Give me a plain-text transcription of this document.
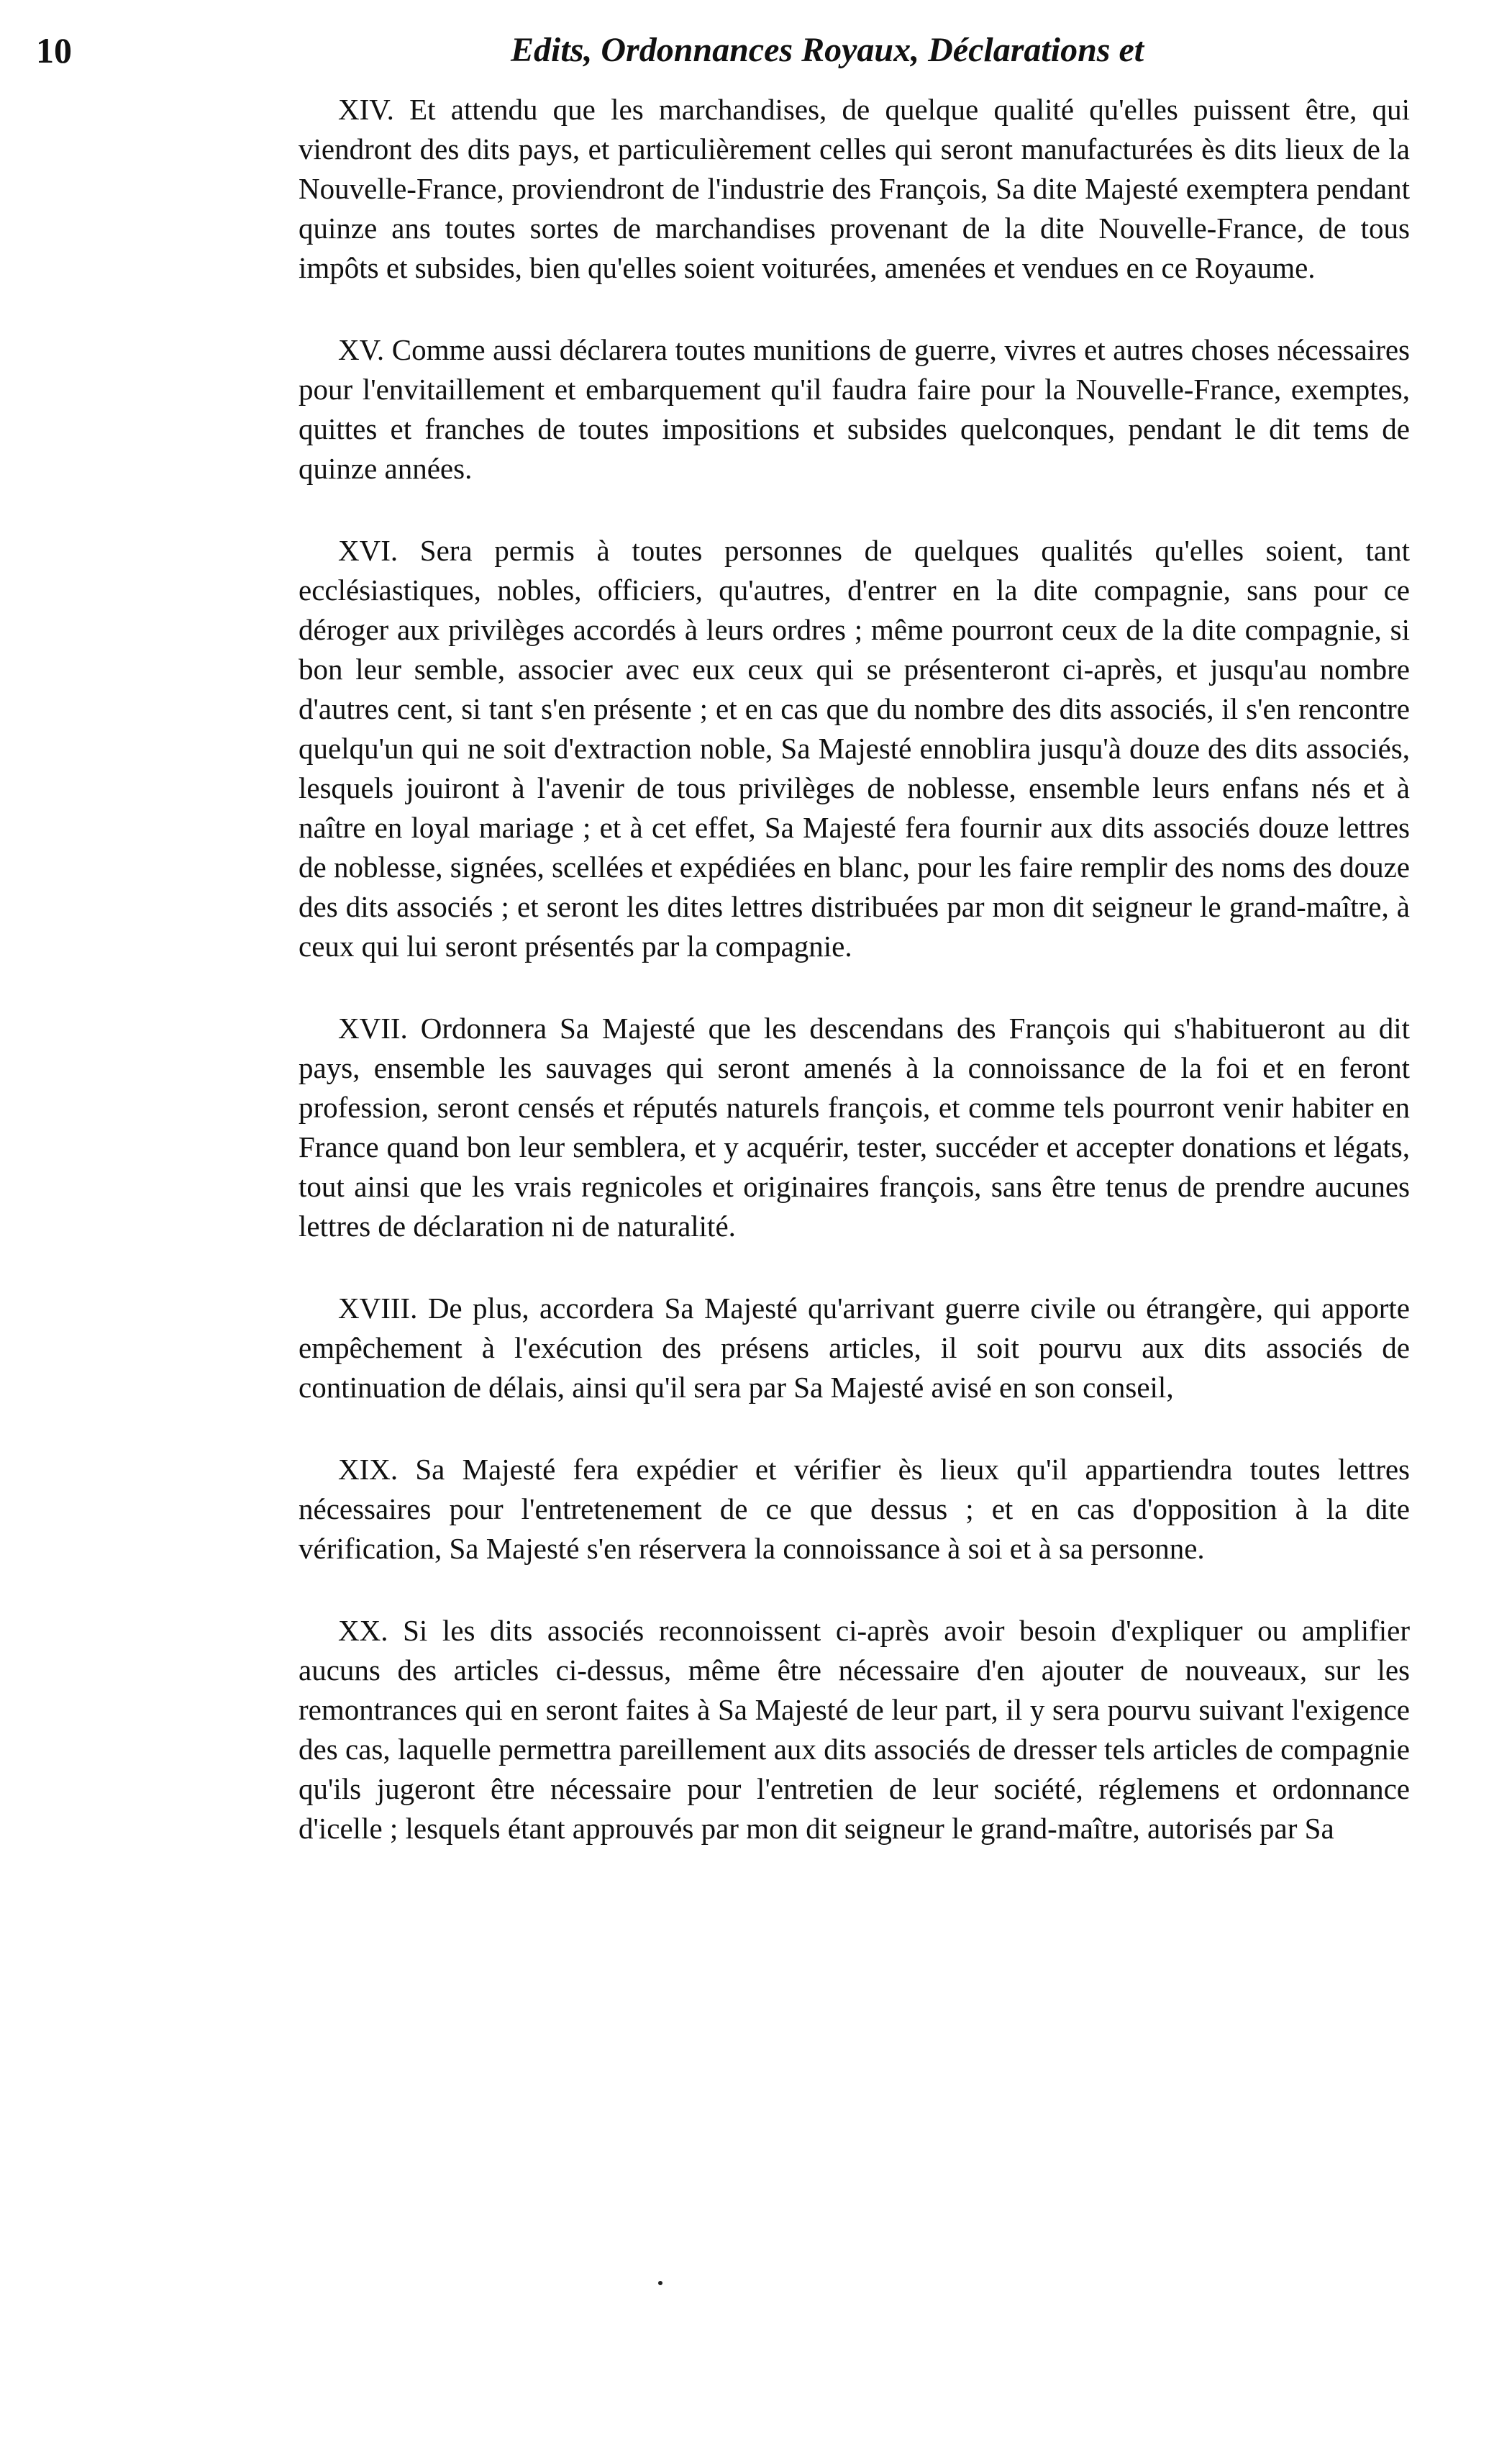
10	Edits, Ordonnances Royaux, Déclarations et

XIV. Et attendu que les marchandises, de quelque qualité qu'elles puissent être, qui viendront des dits pays, et particulièrement celles qui seront manufacturées ès dits lieux de la Nouvelle-France, proviendront de l'industrie des François, Sa dite Majesté exemptera pendant quinze ans toutes sortes de marchandises provenant de la dite Nouvelle-France, de tous impôts et subsides, bien qu'elles soient voiturées, amenées et vendues en ce Royaume.

XV. Comme aussi déclarera toutes munitions de guerre, vivres et autres choses nécessaires pour l'envitaillement et embarquement qu'il faudra faire pour la Nouvelle-France, exemptes, quittes et franches de toutes impositions et subsides quelconques, pendant le dit tems de quinze années.

XVI. Sera permis à toutes personnes de quelques qualités qu'elles soient, tant ecclésiastiques, nobles, officiers, qu'autres, d'entrer en la dite compagnie, sans pour ce déroger aux privilèges accordés à leurs ordres ; même pourront ceux de la dite compagnie, si bon leur semble, associer avec eux ceux qui se présenteront ci-après, et jusqu'au nombre d'autres cent, si tant s'en présente ; et en cas que du nombre des dits associés, il s'en rencontre quelqu'un qui ne soit d'extraction noble, Sa Majesté ennoblira jusqu'à douze des dits associés, lesquels jouiront à l'avenir de tous privilèges de noblesse, ensemble leurs enfans nés et à naître en loyal mariage ; et à cet effet, Sa Majesté fera fournir aux dits associés douze lettres de noblesse, signées, scellées et expédiées en blanc, pour les faire remplir des noms des douze des dits associés ; et seront les dites lettres distribuées par mon dit seigneur le grand-maître, à ceux qui lui seront présentés par la compagnie.

XVII. Ordonnera Sa Majesté que les descendans des François qui s'habitueront au dit pays, ensemble les sauvages qui seront amenés à la connoissance de la foi et en feront profession, seront censés et réputés naturels françois, et comme tels pourront venir habiter en France quand bon leur semblera, et y acquérir, tester, succéder et accepter donations et légats, tout ainsi que les vrais regnicoles et originaires françois, sans être tenus de prendre aucunes lettres de déclaration ni de naturalité.

XVIII. De plus, accordera Sa Majesté qu'arrivant guerre civile ou étrangère, qui apporte empêchement à l'exécution des présens articles, il soit pourvu aux dits associés de continuation de délais, ainsi qu'il sera par Sa Majesté avisé en son conseil,

XIX. Sa Majesté fera expédier et vérifier ès lieux qu'il appartiendra toutes lettres nécessaires pour l'entretenement de ce que dessus ; et en cas d'opposition à la dite vérification, Sa Majesté s'en réservera la connoissance à soi et à sa personne.

XX. Si les dits associés reconnoissent ci-après avoir besoin d'expliquer ou amplifier aucuns des articles ci-dessus, même être nécessaire d'en ajouter de nouveaux, sur les remontrances qui en seront faites à Sa Majesté de leur part, il y sera pourvu suivant l'exigence des cas, laquelle permettra pareillement aux dits associés de dresser tels articles de compagnie qu'ils jugeront être nécessaire pour l'entretien de leur société, réglemens et ordonnance d'icelle ; lesquels étant approuvés par mon dit seigneur le grand-maître, autorisés par Sa
